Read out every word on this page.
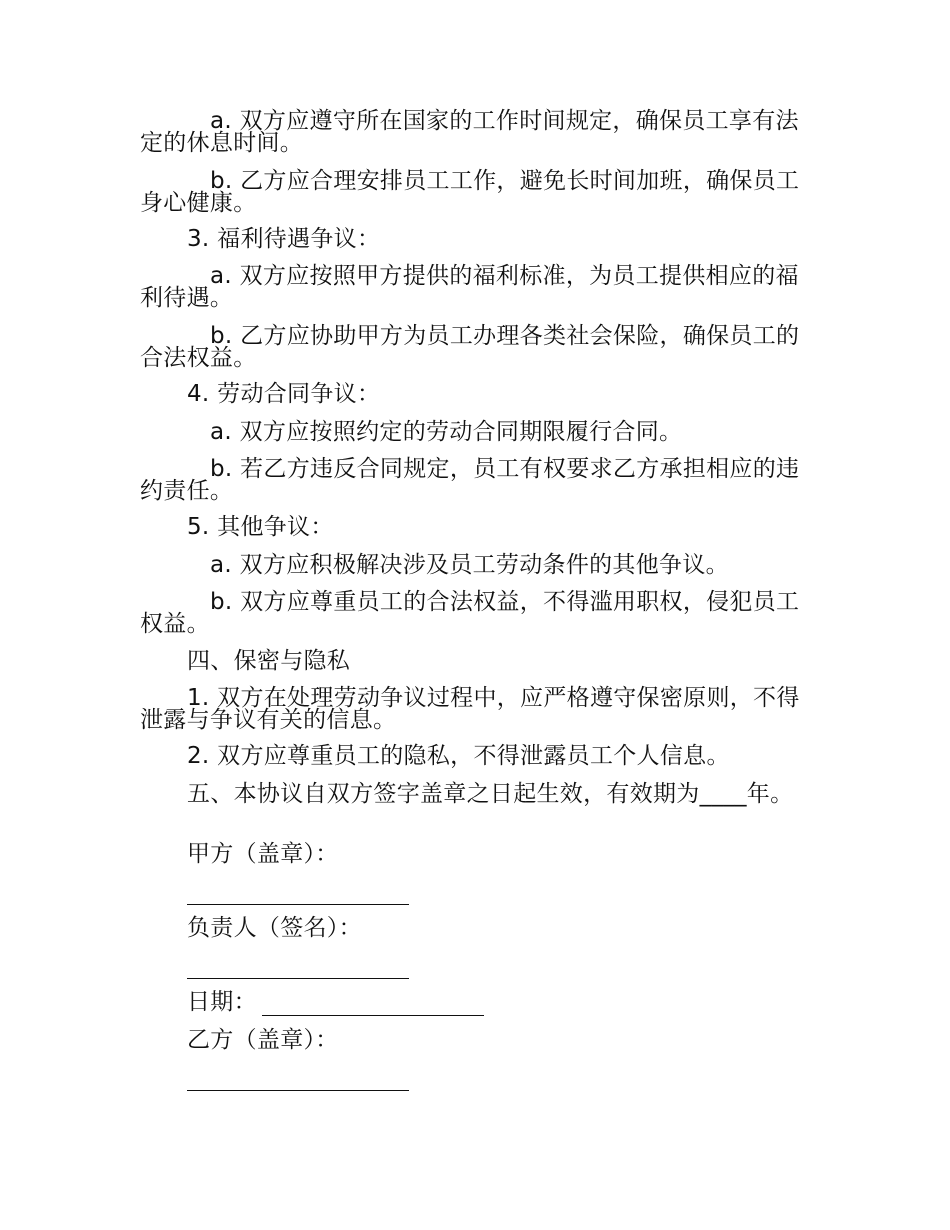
a. 双方应遵守所在国家的工作时间规定，确保员工享有法定的休息时间。
b. 乙方应合理安排员工工作，避免长时间加班，确保员工身心健康。
3. 福利待遇争议：
a. 双方应按照甲方提供的福利标准，为员工提供相应的福利待遇。
b. 乙方应协助甲方为员工办理各类社会保险，确保员工的合法权益。
4. 劳动合同争议：
a. 双方应按照约定的劳动合同期限履行合同。
b. 若乙方违反合同规定，员工有权要求乙方承担相应的违约责任。
5. 其他争议：
a. 双方应积极解决涉及员工劳动条件的其他争议。
b. 双方应尊重员工的合法权益，不得滥用职权，侵犯员工权益。
四、保密与隐私
1. 双方在处理劳动争议过程中，应严格遵守保密原则，不得泄露与争议有关的信息。
2. 双方应尊重员工的隐私，不得泄露员工个人信息。
五、本协议自双方签字盖章之日起生效，有效期为____年。
甲方（盖章）：
负责人（签名）：
日期：
乙方（盖章）：
